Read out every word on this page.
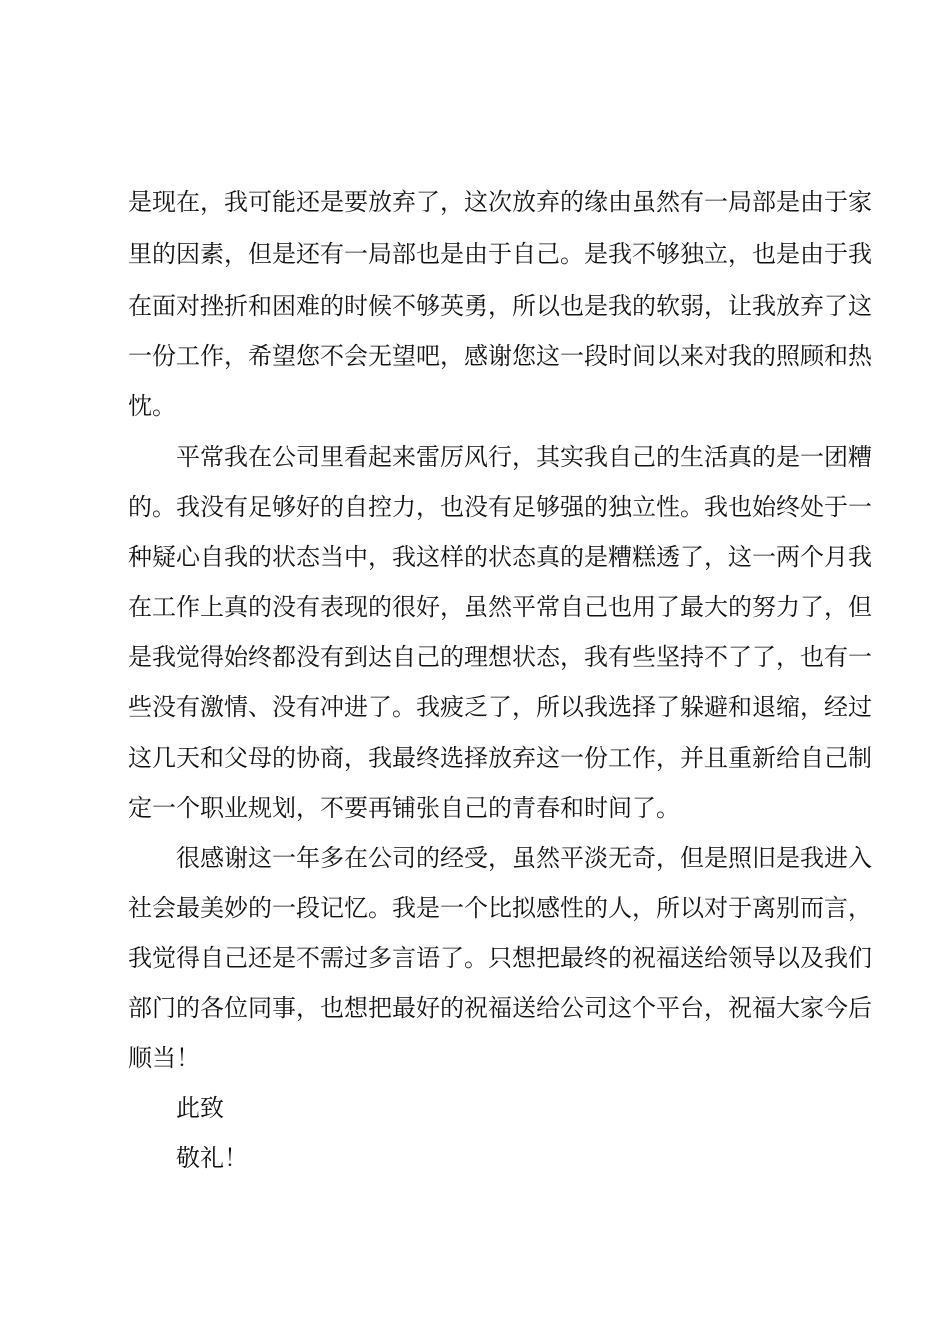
是现在，我可能还是要放弃了，这次放弃的缘由虽然有一局部是由于家
里的因素，但是还有一局部也是由于自己。是我不够独立，也是由于我
在面对挫折和困难的时候不够英勇，所以也是我的软弱，让我放弃了这
一份工作，希望您不会无望吧，感谢您这一段时间以来对我的照顾和热
忱。
平常我在公司里看起来雷厉风行，其实我自己的生活真的是一团糟
的。我没有足够好的自控力，也没有足够强的独立性。我也始终处于一
种疑心自我的状态当中，我这样的状态真的是糟糕透了，这一两个月我
在工作上真的没有表现的很好，虽然平常自己也用了最大的努力了，但
是我觉得始终都没有到达自己的理想状态，我有些坚持不了了，也有一
些没有激情、没有冲进了。我疲乏了，所以我选择了躲避和退缩，经过
这几天和父母的协商，我最终选择放弃这一份工作，并且重新给自己制
定一个职业规划，不要再铺张自己的青春和时间了。
很感谢这一年多在公司的经受，虽然平淡无奇，但是照旧是我进入
社会最美妙的一段记忆。我是一个比拟感性的人，所以对于离别而言，
我觉得自己还是不需过多言语了。只想把最终的祝福送给领导以及我们
部门的各位同事，也想把最好的祝福送给公司这个平台，祝福大家今后
顺当！
此致
敬礼！
